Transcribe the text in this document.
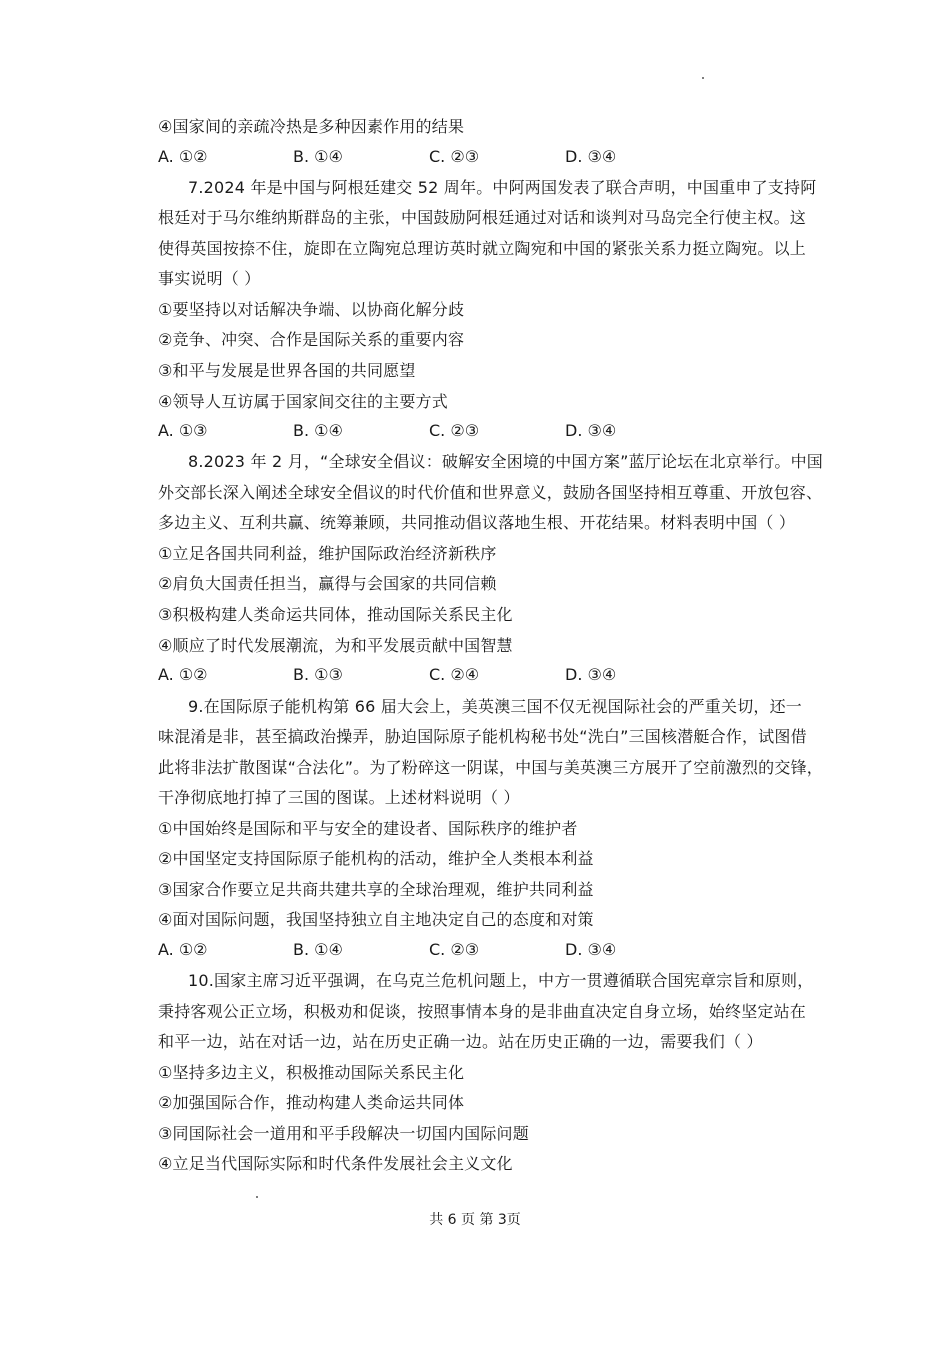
④国家间的亲疏冷热是多种因素作用的结果
A. ①②	B. ①④	C. ②③	D. ③④
7.2024 年是中国与阿根廷建交 52 周年。中阿两国发表了联合声明，中国重申了支持阿
根廷对于马尔维纳斯群岛的主张，中国鼓励阿根廷通过对话和谈判对马岛完全行使主权。这
使得英国按捺不住，旋即在立陶宛总理访英时就立陶宛和中国的紧张关系力挺立陶宛。以上
事实说明（ ）
①要坚持以对话解决争端、以协商化解分歧
②竞争、冲突、合作是国际关系的重要内容
③和平与发展是世界各国的共同愿望
④领导人互访属于国家间交往的主要方式
A. ①③	B. ①④	C. ②③	D. ③④
8.2023 年 2 月，“全球安全倡议：破解安全困境的中国方案”蓝厅论坛在北京举行。中国
外交部长深入阐述全球安全倡议的时代价值和世界意义，鼓励各国坚持相互尊重、开放包容、
多边主义、互利共赢、统筹兼顾，共同推动倡议落地生根、开花结果。材料表明中国（ ）
①立足各国共同利益，维护国际政治经济新秩序
②肩负大国责任担当，赢得与会国家的共同信赖
③积极构建人类命运共同体，推动国际关系民主化
④顺应了时代发展潮流，为和平发展贡献中国智慧
A. ①②	B. ①③	C. ②④	D. ③④
9.在国际原子能机构第 66 届大会上，美英澳三国不仅无视国际社会的严重关切，还一
味混淆是非，甚至搞政治操弄，胁迫国际原子能机构秘书处“洗白”三国核潜艇合作，试图借
此将非法扩散图谋“合法化”。为了粉碎这一阴谋，中国与美英澳三方展开了空前激烈的交锋，
干净彻底地打掉了三国的图谋。上述材料说明（ ）
①中国始终是国际和平与安全的建设者、国际秩序的维护者
②中国坚定支持国际原子能机构的活动，维护全人类根本利益
③国家合作要立足共商共建共享的全球治理观，维护共同利益
④面对国际问题，我国坚持独立自主地决定自己的态度和对策
A. ①②	B. ①④	C. ②③	D. ③④
10.国家主席习近平强调，在乌克兰危机问题上，中方一贯遵循联合国宪章宗旨和原则，
秉持客观公正立场，积极劝和促谈，按照事情本身的是非曲直决定自身立场，始终坚定站在
和平一边，站在对话一边，站在历史正确一边。站在历史正确的一边，需要我们（ ）
①坚持多边主义，积极推动国际关系民主化
②加强国际合作，推动构建人类命运共同体
③同国际社会一道用和平手段解决一切国内国际问题
④立足当代国际实际和时代条件发展社会主义文化
共 6 页 第 3页
